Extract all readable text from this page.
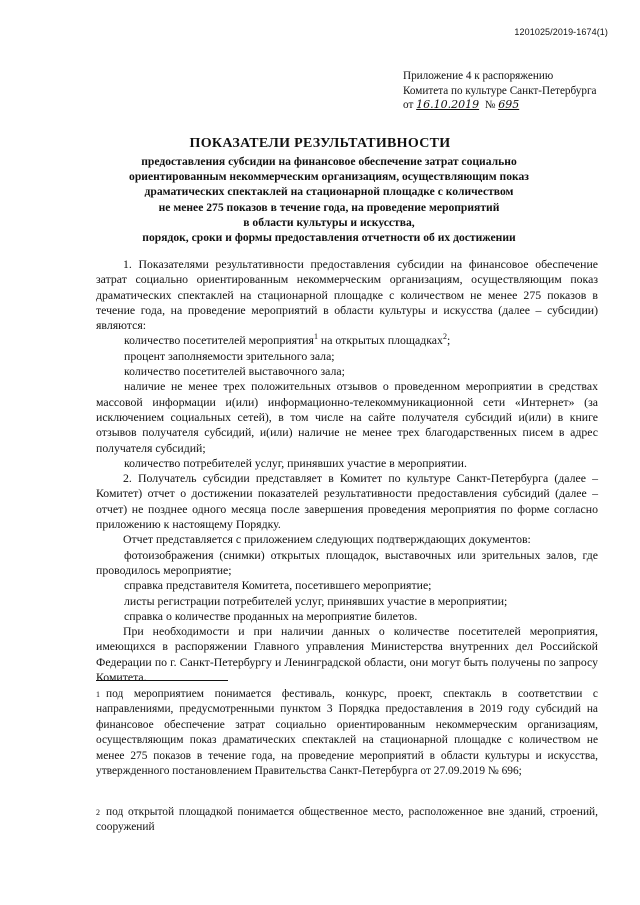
1201025/2019-1674(1)
Приложение 4 к распоряжению
Комитета по культуре Санкт-Петербурга
от 16.10.2019 № 695
ПОКАЗАТЕЛИ РЕЗУЛЬТАТИВНОСТИ
предоставления субсидии на финансовое обеспечение затрат социально
ориентированным некоммерческим организациям, осуществляющим показ
драматических спектаклей на стационарной площадке с количеством
не менее 275 показов в течение года, на проведение мероприятий
в области культуры и искусства,
порядок, сроки и формы предоставления отчетности об их достижении

1. Показателями результативности предоставления субсидии на финансовое обеспечение затрат социально ориентированным некоммерческим организациям, осуществляющим показ драматических спектаклей на стационарной площадке с количеством не менее 275 показов в течение года, на проведение мероприятий в области культуры и искусства (далее – субсидии) являются:

количество посетителей мероприятия$^1$ на открытых площадках$^2$;

процент заполняемости зрительного зала;

количество посетителей выставочного зала;

наличие не менее трех положительных отзывов о проведенном мероприятии в средствах массовой информации и(или) информационно-телекоммуникационной сети «Интернет» (за исключением социальных сетей), в том числе на сайте получателя субсидий и(или) в книге отзывов получателя субсидий, и(или) наличие не менее трех благодарственных писем в адрес получателя субсидий;

количество потребителей услуг, принявших участие в мероприятии.

2. Получатель субсидии представляет в Комитет по культуре Санкт-Петербурга (далее – Комитет) отчет о достижении показателей результативности предоставления субсидий (далее – отчет) не позднее одного месяца после завершения проведения мероприятия по форме согласно приложению к настоящему Порядку.

Отчет представляется с приложением следующих подтверждающих документов:

фотоизображения (снимки) открытых площадок, выставочных или зрительных залов, где проводилось мероприятие;

справка представителя Комитета, посетившего мероприятие;

листы регистрации потребителей услуг, принявших участие в мероприятии;

справка о количестве проданных на мероприятие билетов.

При необходимости и при наличии данных о количестве посетителей мероприятия, имеющихся в распоряжении Главного управления Министерства внутренних дел Российской Федерации по г. Санкт-Петербургу и Ленинградской области, они могут быть получены по запросу Комитета.

$^1$ под мероприятием понимается фестиваль, конкурс, проект, спектакль в соответствии с направлениями, предусмотренными пунктом 3 Порядка предоставления в 2019 году субсидий на финансовое обеспечение затрат социально ориентированным некоммерческим организациям, осуществляющим показ драматических спектаклей на стационарной площадке с количеством не менее 275 показов в течение года, на проведение мероприятий в области культуры и искусства, утвержденного постановлением Правительства Санкт-Петербурга от 27.09.2019 № 696;
$^2$ под открытой площадкой понимается общественное место, расположенное вне зданий, строений, сооружений
